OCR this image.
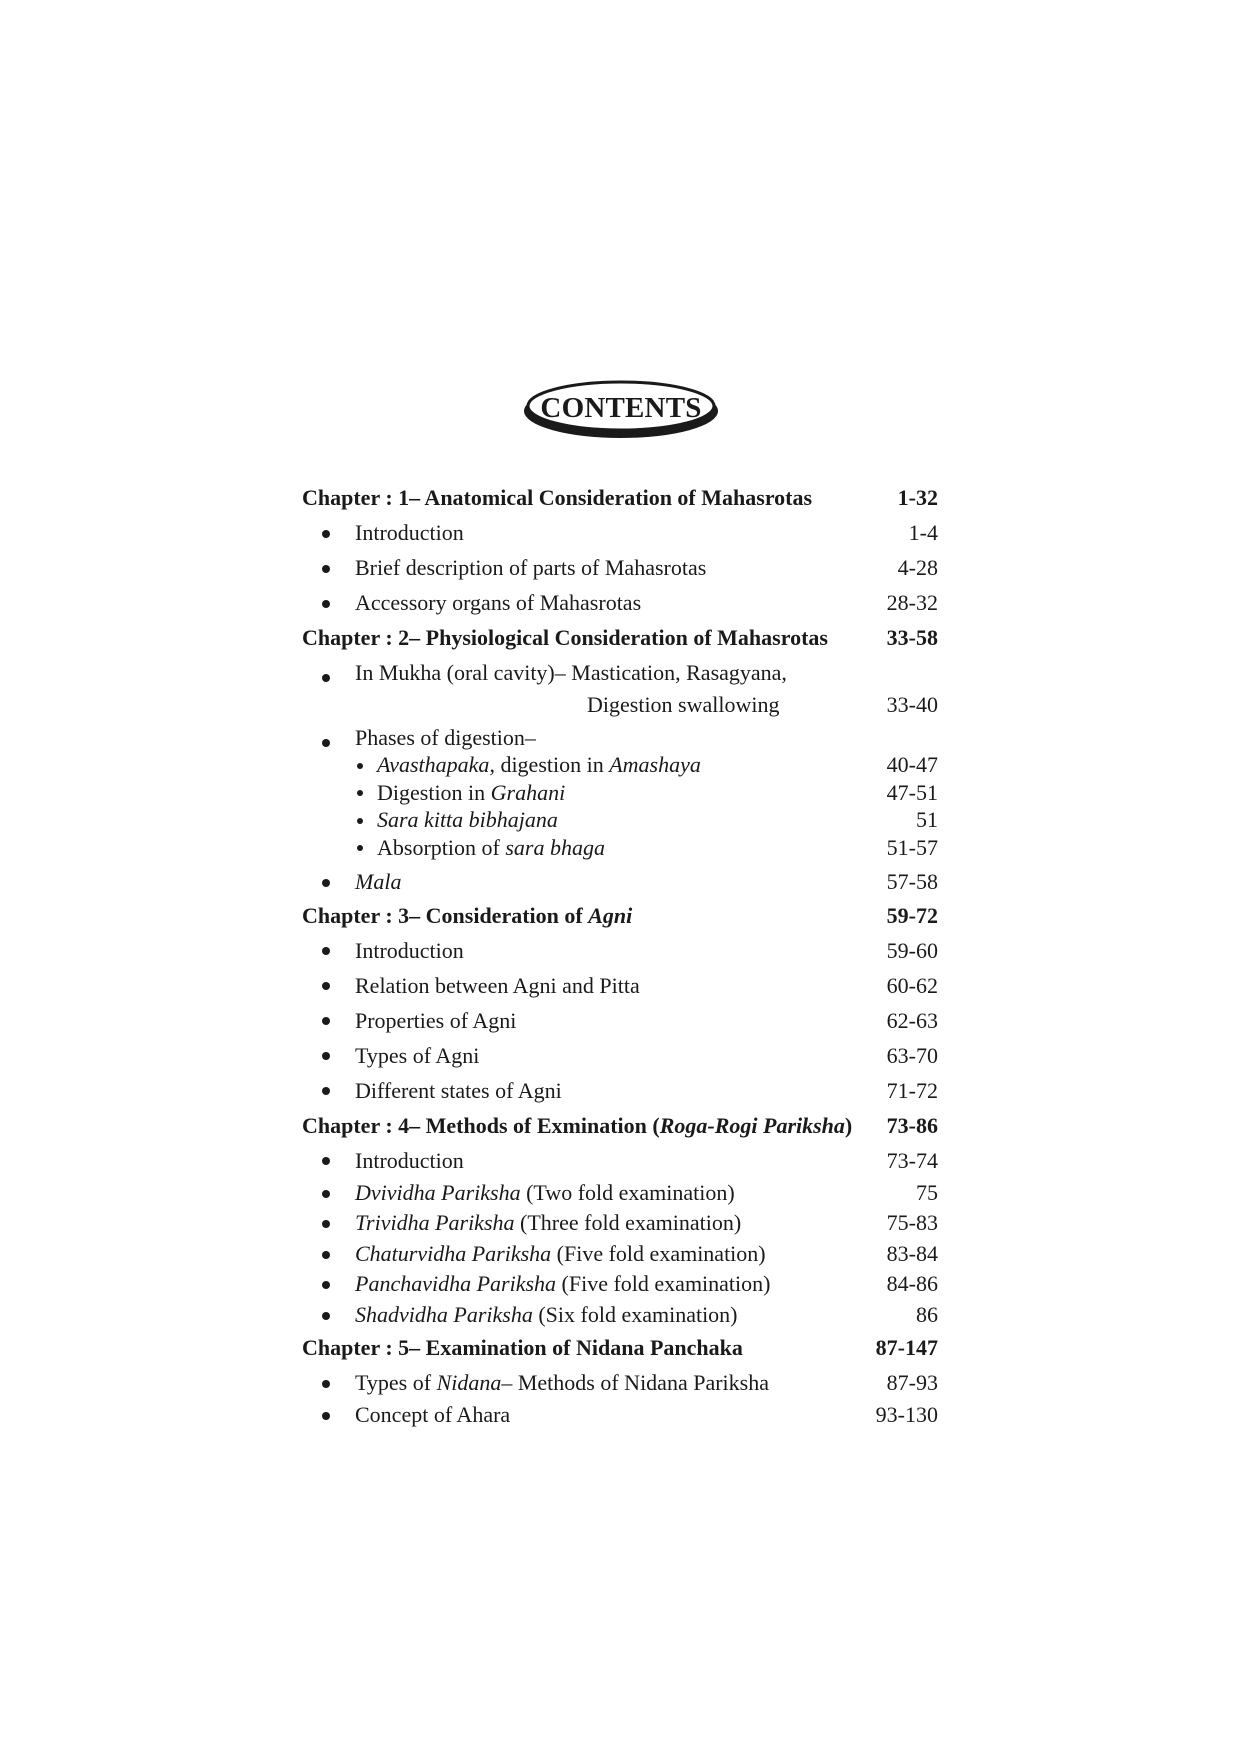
CONTENTS
Chapter : 1– Anatomical Consideration of Mahasrotas	1-32
Introduction	1-4
Brief description of parts of Mahasrotas	4-28
Accessory organs of Mahasrotas	28-32
Chapter : 2– Physiological Consideration of Mahasrotas	33-58
In Mukha (oral cavity)– Mastication, Rasagyana,
Digestion swallowing	33-40
Phases of digestion–
Avasthapaka, digestion in Amashaya	40-47
Digestion in Grahani	47-51
Sara kitta bibhajana	51
Absorption of sara bhaga	51-57
Mala	57-58
Chapter : 3– Consideration of Agni	59-72
Introduction	59-60
Relation between Agni and Pitta	60-62
Properties of Agni	62-63
Types of Agni	63-70
Different states of Agni	71-72
Chapter : 4– Methods of Exmination (Roga-Rogi Pariksha) 73-86
Introduction	73-74
Dvividha Pariksha (Two fold examination)	75
Trividha Pariksha (Three fold examination)	75-83
Chaturvidha Pariksha (Five fold examination)	83-84
Panchavidha Pariksha (Five fold examination)	84-86
Shadvidha Pariksha (Six fold examination)	86
Chapter : 5– Examination of Nidana Panchaka	87-147
Types of Nidana– Methods of Nidana Pariksha	87-93
Concept of Ahara	93-130
